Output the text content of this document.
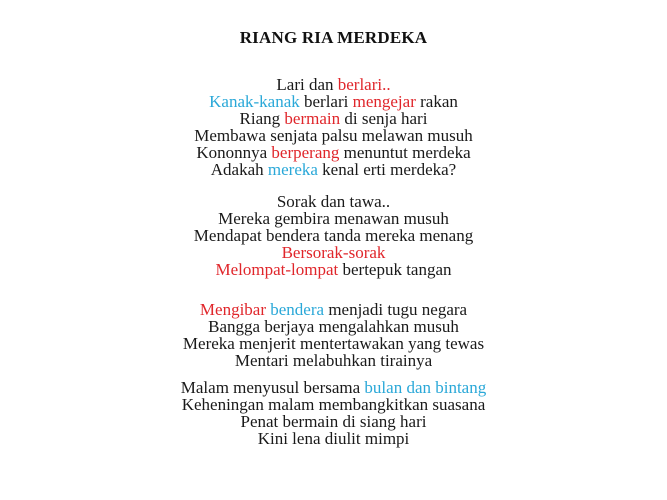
RIANG RIA MERDEKA
Lari dan berlari..
Kanak-kanak berlari mengejar rakan
Riang bermain di senja hari
Membawa senjata palsu melawan musuh
Kononnya berperang menuntut merdeka
Adakah mereka kenal erti merdeka?
Sorak dan tawa..
Mereka gembira menawan musuh
Mendapat bendera tanda mereka menang
Bersorak-sorak
Melompat-lompat bertepuk tangan
Mengibar bendera menjadi tugu negara
Bangga berjaya mengalahkan musuh
Mereka menjerit mentertawakan yang tewas
Mentari melabuhkan tirainya
Malam menyusul bersama bulan dan bintang
Keheningan malam membangkitkan suasana
Penat bermain di siang hari
Kini lena diulit mimpi
